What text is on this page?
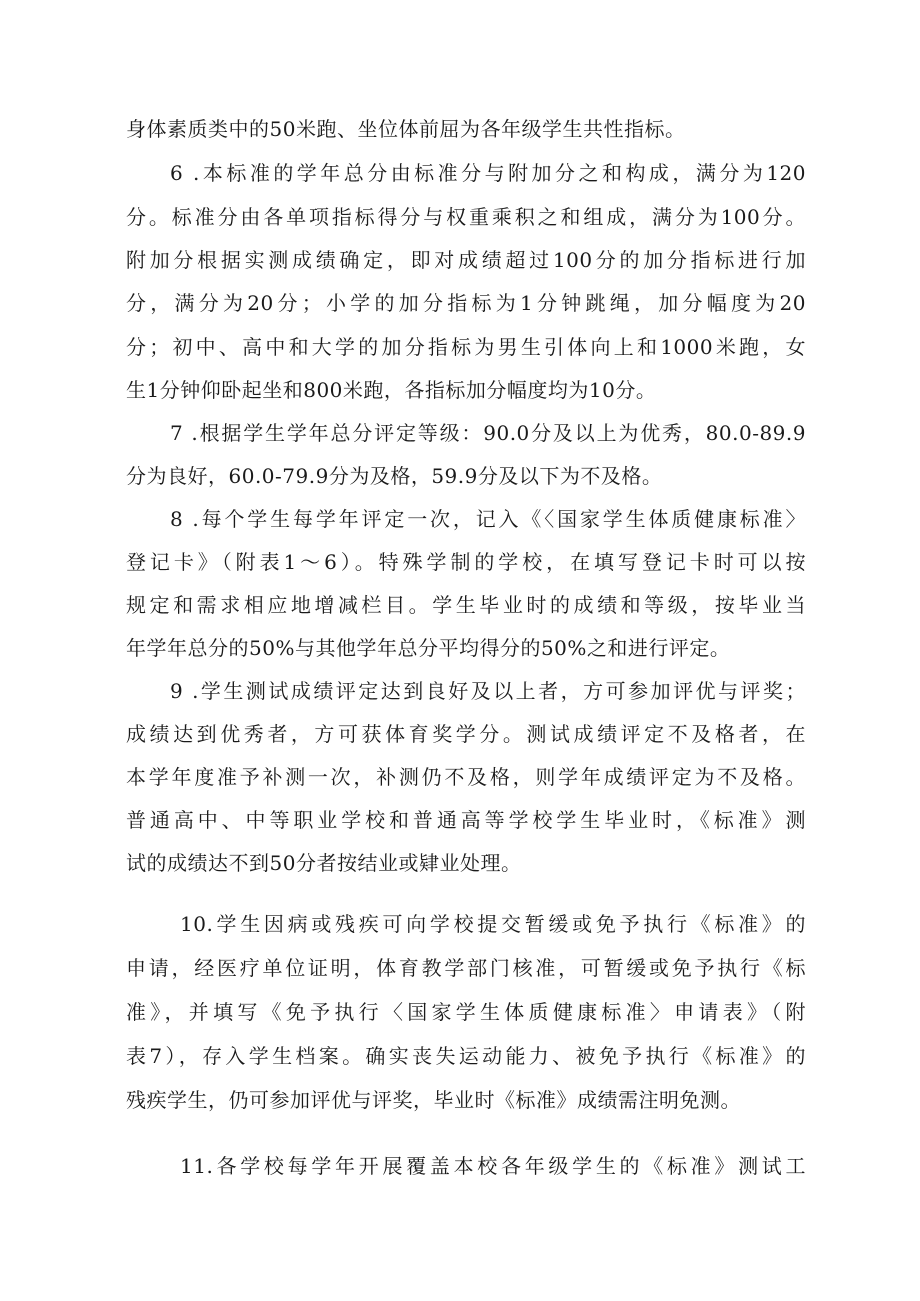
身体素质类中的50米跑、坐位体前屈为各年级学生共性指标。
6 .本标准的学年总分由标准分与附加分之和构成，满分为120
分。标准分由各单项指标得分与权重乘积之和组成，满分为100分。
附加分根据实测成绩确定，即对成绩超过100分的加分指标进行加
分，满分为20分；小学的加分指标为1分钟跳绳，加分幅度为20
分；初中、高中和大学的加分指标为男生引体向上和1000米跑，女
生1分钟仰卧起坐和800米跑，各指标加分幅度均为10分。
7 .根据学生学年总分评定等级：90.0分及以上为优秀，80.0-89.9
分为良好，60.0-79.9分为及格，59.9分及以下为不及格。
8 .每个学生每学年评定一次，记入《〈国家学生体质健康标准〉
登记卡》（附表1～6）。特殊学制的学校，在填写登记卡时可以按
规定和需求相应地增减栏目。学生毕业时的成绩和等级，按毕业当
年学年总分的50%与其他学年总分平均得分的50%之和进行评定。
9 .学生测试成绩评定达到良好及以上者，方可参加评优与评奖；
成绩达到优秀者，方可获体育奖学分。测试成绩评定不及格者，在
本学年度准予补测一次，补测仍不及格，则学年成绩评定为不及格。
普通高中、中等职业学校和普通高等学校学生毕业时，《标准》测
试的成绩达不到50分者按结业或肄业处理。
10.学生因病或残疾可向学校提交暂缓或免予执行《标准》的
申请，经医疗单位证明，体育教学部门核准，可暂缓或免予执行《标
准》，并填写《免予执行〈国家学生体质健康标准〉申请表》（附
表7），存入学生档案。确实丧失运动能力、被免予执行《标准》的
残疾学生，仍可参加评优与评奖，毕业时《标准》成绩需注明免测。
11.各学校每学年开展覆盖本校各年级学生的《标准》测试工
